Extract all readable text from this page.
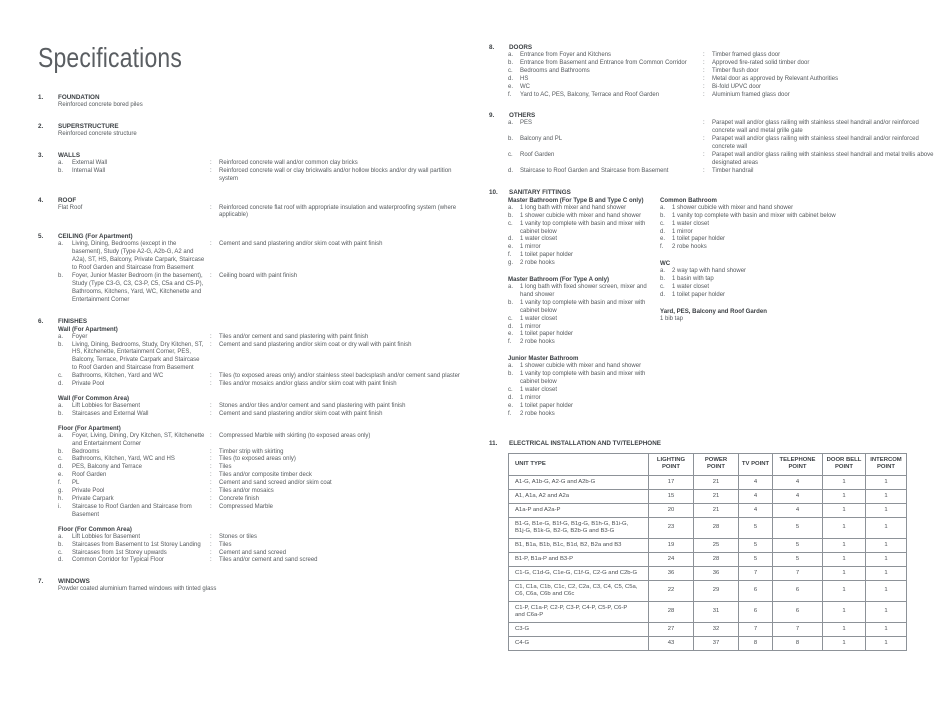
Specifications
1.	FOUNDATION
Reinforced concrete bored piles
2.	SUPERSTRUCTURE
Reinforced concrete structure
3.	WALLS
a.	External Wall	:	Reinforced concrete wall and/or common clay bricks
b.	Internal Wall	:	Reinforced concrete wall or clay brickwalls and/or hollow blocks and/or dry wall partition system
4.	ROOF
Flat Roof	:	Reinforced concrete flat roof with appropriate insulation and waterproofing system (where applicable)
5.	CEILING (For Apartment)
a.	Living, Dining, Bedrooms (except in the basement), Study (Type A2-G, A2b-G, A2 and A2a), ST, HS, Balcony, Private Carpark, Staircase to Roof Garden and Staircase from Basement
:	Cement and sand plastering and/or skim coat with paint finish
b.	Foyer, Junior Master Bedroom (in the basement), Study (Type C3-G, C3, C3-P, C5, C5a and C5-P), Bathrooms, Kitchens, Yard, WC, Kitchenette and Entertainment Corner
:	Ceiling board with paint finish
6.	FINISHES
Wall (For Apartment)
a.	Foyer	:	Tiles and/or cement and sand plastering with paint finish
b.	Living, Dining, Bedrooms, Study, Dry Kitchen, ST, HS, Kitchenette, Entertainment Corner, PES, Balcony, Terrace, Private Carpark and Staircase to Roof Garden and Staircase from Basement
:	Cement and sand plastering and/or skim coat or dry wall with paint finish
c.	Bathrooms, Kitchen, Yard and WC	:	Tiles (to exposed areas only) and/or stainless steel backsplash and/or cement sand plaster
d.	Private Pool	:	Tiles and/or mosaics and/or glass and/or skim coat with paint finish
Wall (For Common Area)
a.	Lift Lobbies for Basement	:	Stones and/or tiles and/or cement and sand plastering with paint finish
b.	Staircases and External Wall	:	Cement and sand plastering and/or skim coat with paint finish
Floor (For Apartment)
a.	Foyer, Living, Dining, Dry Kitchen, ST, Kitchenette and Entertainment Corner
:	Compressed Marble with skirting (to exposed areas only)
b.	Bedrooms	:	Timber strip with skirting
c.	Bathrooms, Kitchen, Yard, WC and HS	:	Tiles (to exposed areas only)
d.	PES, Balcony and Terrace	:	Tiles
e.	Roof Garden	:	Tiles and/or composite timber deck
f.	PL	:	Cement and sand screed and/or skim coat
g.	Private Pool	:	Tiles and/or mosaics
h.	Private Carpark	:	Concrete finish
i.	Staircase to Roof Garden and Staircase from Basement
:	Compressed Marble
Floor (For Common Area)
a.	Lift Lobbies for Basement	:	Stones or tiles
b.	Staircases from Basement to 1st Storey Landing	:	Tiles
c.	Staircases from 1st Storey upwards	:	Cement and sand screed
d.	Common Corridor for Typical Floor	:	Tiles and/or cement and sand screed
7.	WINDOWS
Powder coated aluminium framed windows with tinted glass
8.	DOORS
a.	Entrance from Foyer and Kitchens	:	Timber framed glass door
b.	Entrance from Basement and Entrance from Common Corridor	:	Approved fire-rated solid timber door
c.	Bedrooms and Bathrooms	:	Timber flush door
d.	HS	:	Metal door as approved by Relevant Authorities
e.	WC	:	Bi-fold UPVC door
f.	Yard to AC, PES, Balcony, Terrace and Roof Garden	:	Aluminium framed glass door
9.	OTHERS
a.	PES	:	Parapet wall and/or glass railing with stainless steel handrail and/or reinforced concrete wall and metal grille gate
b.	Balcony and PL	:	Parapet wall and/or glass railing with stainless steel handrail and/or reinforced concrete wall
c.	Roof Garden	:	Parapet wall and/or glass railing with stainless steel handrail and metal trellis above designated areas
d.	Staircase to Roof Garden and Staircase from Basement	:	Timber handrail
10.	SANITARY FITTINGS
Master Bathroom (For Type B and Type C only)
a.	1 long bath with mixer and hand shower
b.	1 shower cubicle with mixer and hand shower
c.	1 vanity top complete with basin and mixer with cabinet below
d.	1 water closet
e.	1 mirror
f.	1 toilet paper holder
g.	2 robe hooks
Master Bathroom (For Type A only)
a.	1 long bath with fixed shower screen, mixer and hand shower
b.	1 vanity top complete with basin and mixer with cabinet below
c.	1 water closet
d.	1 mirror
e.	1 toilet paper holder
f.	2 robe hooks
Junior Master Bathroom
a.	1 shower cubicle with mixer and hand shower
b.	1 vanity top complete with basin and mixer with cabinet below
c.	1 water closet
d.	1 mirror
e.	1 toilet paper holder
f.	2 robe hooks
Common Bathroom
a.	1 shower cubicle with mixer and hand shower
b.	1 vanity top complete with basin and mixer with cabinet below
c.	1 water closet
d.	1 mirror
e.	1 toilet paper holder
f.	2 robe hooks
WC
a.	2 way tap with hand shower
b.	1 basin with tap
c.	1 water closet
d.	1 toilet paper holder
Yard, PES, Balcony and Roof Garden
1 bib tap
11.	ELECTRICAL INSTALLATION AND TV/TELEPHONE
UNIT TYPE	LIGHTING POINT	POWER POINT	TV POINT	TELEPHONE POINT	DOOR BELL POINT	INTERCOM POINT
A1-G, A1b-G, A2-G and A2b-G	17	21	4	4	1	1
A1, A1a, A2 and A2a	15	21	4	4	1	1
A1a-P and A2a-P	20	21	4	4	1	1
B1-G, B1e-G, B1f-G, B1g-G, B1h-G, B1i-G, B1j-G, B1k-G, B2-G, B2b-G and B3-G	23	28	5	5	1	1
B1, B1a, B1b, B1c, B1d, B2, B2a and B3	19	25	5	5	1	1
B1-P, B1a-P and B3-P	24	28	5	5	1	1
C1-G, C1d-G, C1e-G, C1f-G, C2-G and C2b-G	36	36	7	7	1	1
C1, C1a, C1b, C1c, C2, C2a, C3, C4, C5, C5a, C6, C6a, C6b and C6c	22	29	6	6	1	1
C1-P, C1a-P, C2-P, C3-P, C4-P, C5-P, C6-P and C6a-P	28	31	6	6	1	1
C3-G	27	32	7	7	1	1
C4-G	43	37	8	8	1	1
